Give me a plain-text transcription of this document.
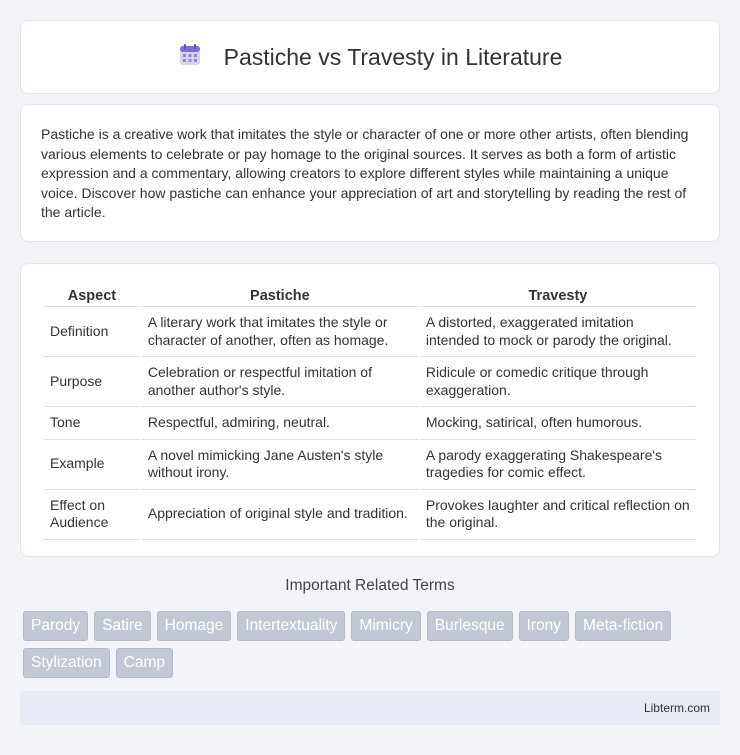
Pastiche vs Travesty in Literature

Pastiche is a creative work that imitates the style or character of one or more other artists, often blending various elements to celebrate or pay homage to the original sources. It serves as both a form of artistic expression and a commentary, allowing creators to explore different styles while maintaining a unique voice. Discover how pastiche can enhance your appreciation of art and storytelling by reading the rest of the article.

Aspect	Pastiche	Travesty
Definition	A literary work that imitates the style or character of another, often as homage.	A distorted, exaggerated imitation intended to mock or parody the original.
Purpose	Celebration or respectful imitation of another author's style.	Ridicule or comedic critique through exaggeration.
Tone	Respectful, admiring, neutral.	Mocking, satirical, often humorous.
Example	A novel mimicking Jane Austen's style without irony.	A parody exaggerating Shakespeare's tragedies for comic effect.
Effect on Audience	Appreciation of original style and tradition.	Provokes laughter and critical reflection on the original.
Important Related Terms
Parody	Satire	Homage	Intertextuality	Mimicry	Burlesque	Irony	Meta-fiction
Stylization	Camp
Libterm.com
